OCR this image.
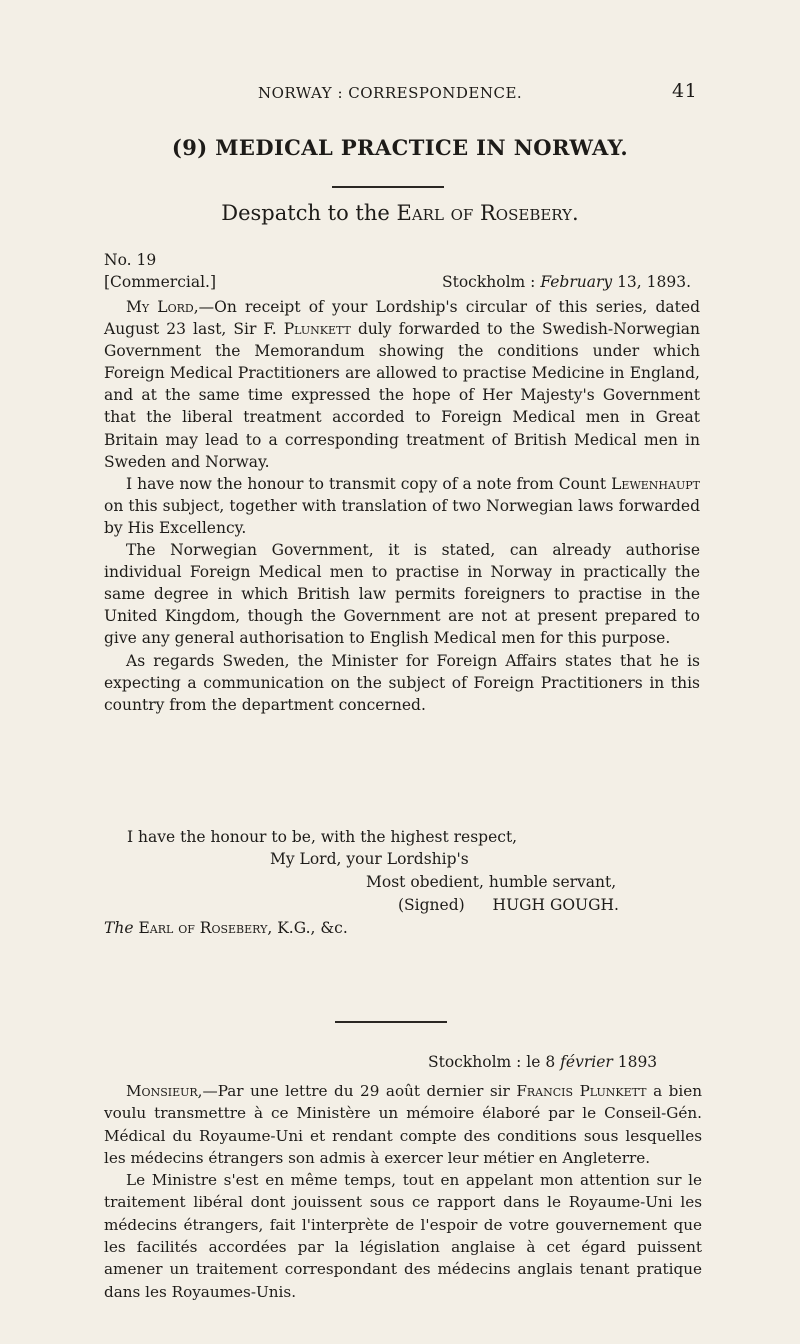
NORWAY : CORRESPONDENCE.	41
(9) MEDICAL PRACTICE IN NORWAY.
Despatch to the Earl of Rosebery.
No. 19
[Commercial.]	Stockholm : February 13, 1893.

My Lord,—On receipt of your Lordship's circular of this series, dated August 23 last, Sir F. Plunkett duly forwarded to the Swedish-Norwegian Government the Memorandum showing the conditions under which Foreign Medical Practitioners are allowed to practise Medicine in England, and at the same time expressed the hope of Her Majesty's Government that the liberal treatment accorded to Foreign Medical men in Great Britain may lead to a corresponding treatment of British Medical men in Sweden and Norway.

I have now the honour to transmit copy of a note from Count Lewenhaupt on this subject, together with translation of two Norwegian laws forwarded by His Excellency.

The Norwegian Government, it is stated, can already authorise individual Foreign Medical men to practise in Norway in practically the same degree in which British law permits foreigners to practise in the United Kingdom, though the Government are not at present prepared to give any general authorisation to English Medical men for this purpose.

As regards Sweden, the Minister for Foreign Affairs states that he is expecting a communication on the subject of Foreign Practitioners in this country from the department concerned.

I have the honour to be, with the highest respect,
My Lord, your Lordship's
Most obedient, humble servant,
(Signed) HUGH GOUGH.
The Earl of Rosebery, K.G., &c.
Stockholm : le 8 février 1893

Monsieur,—Par une lettre du 29 août dernier sir Francis Plunkett a bien voulu transmettre à ce Ministère un mémoire élaboré par le Conseil-Gén. Médical du Royaume-Uni et rendant compte des conditions sous lesquelles les médecins étrangers son admis à exercer leur métier en Angleterre.

Le Ministre s'est en même temps, tout en appelant mon attention sur le traitement libéral dont jouissent sous ce rapport dans le Royaume-Uni les médecins étrangers, fait l'interprète de l'espoir de votre gouvernement que les facilités accordées par la législation anglaise à cet égard puissent amener un traitement correspondant des médecins anglais tenant pratique dans les Royaumes-Unis.
